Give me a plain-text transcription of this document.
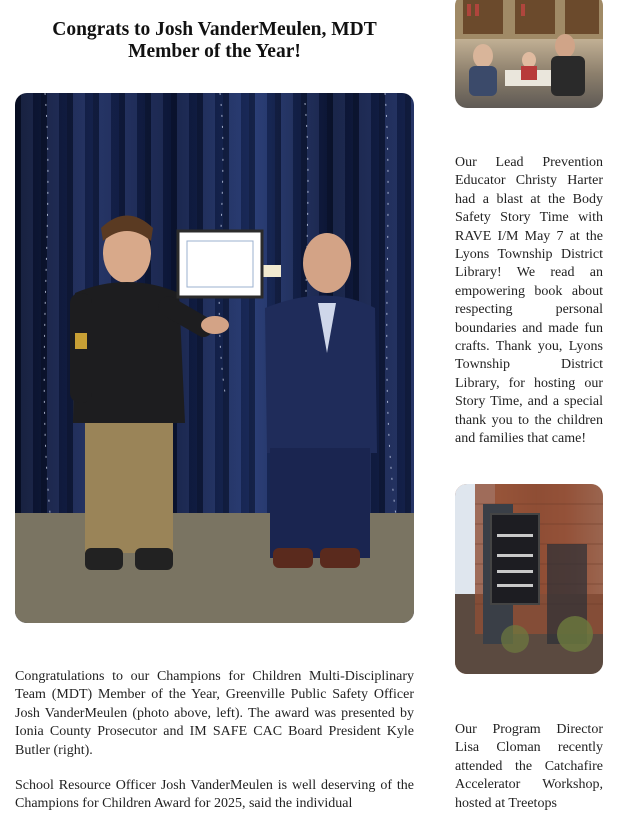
Congrats to Josh VanderMeulen, MDT Member of the Year!

Congratulations to our Champions for Children Multi-Disciplinary Team (MDT) Member of the Year, Greenville Public Safety Officer Josh VanderMeulen (photo above, left). The award was presented by Ionia County Prosecutor and IM SAFE CAC Board President Kyle Butler (right).

School Resource Officer Josh VanderMeulen is well deserving of the Champions for Children Award for 2025, said the individual

Our Lead Prevention Educator Christy Harter had a blast at the Body Safety Story Time with RAVE I/M May 7 at the Lyons Township District Library! We read an empowering book about respecting personal boundaries and made fun crafts. Thank you, Lyons Township District Library, for hosting our Story Time, and a special thank you to the children and families that came!

Our Program Director Lisa Cloman recently attended the Catchafire Accelerator Workshop, hosted at Treetops
